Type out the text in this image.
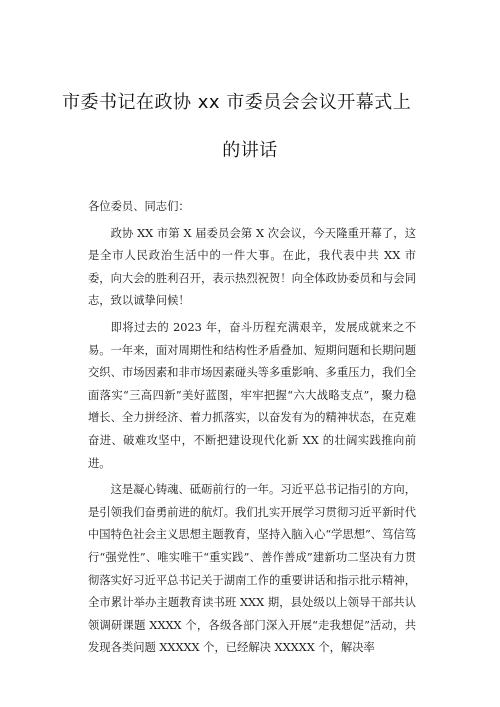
市委书记在政协 xx 市委员会会议开幕式上
的讲话

各位委员、同志们：

政协 XX 市第 X 届委员会第 X 次会议，今天隆重开幕了，这是全市人民政治生活中的一件大事。在此，我代表中共 XX 市委，向大会的胜利召开，表示热烈祝贺！向全体政协委员和与会同志，致以诚挚问候！

即将过去的 2023 年，奋斗历程充满艰辛，发展成就来之不易。一年来，面对周期性和结构性矛盾叠加、短期问题和长期问题交织、市场因素和非市场因素碰头等多重影响、多重压力，我们全面落实“三高四新”美好蓝图，牢牢把握“六大战略支点”，聚力稳增长、全力拼经济、着力抓落实，以奋发有为的精神状态，在克难奋进、破难攻坚中，不断把建设现代化新 XX 的壮阔实践推向前进。

这是凝心铸魂、砥砺前行的一年。习近平总书记指引的方向，是引领我们奋勇前进的航灯。我们扎实开展学习贯彻习近平新时代中国特色社会主义思想主题教育，坚持入脑入心“学思想”、笃信笃行“强党性”、唯实唯干“重实践”、善作善成”建新功二坚决有力贯彻落实好习近平总书记关于湖南工作的重要讲话和指示批示精神，全市累计举办主题教育读书班 XXX 期，县处级以上领导干部共认领调研课题 XXXX 个，各级各部门深入开展“走我想促”活动，共发现各类问题 XXXXX 个，已经解决 XXXXX 个，解决率
